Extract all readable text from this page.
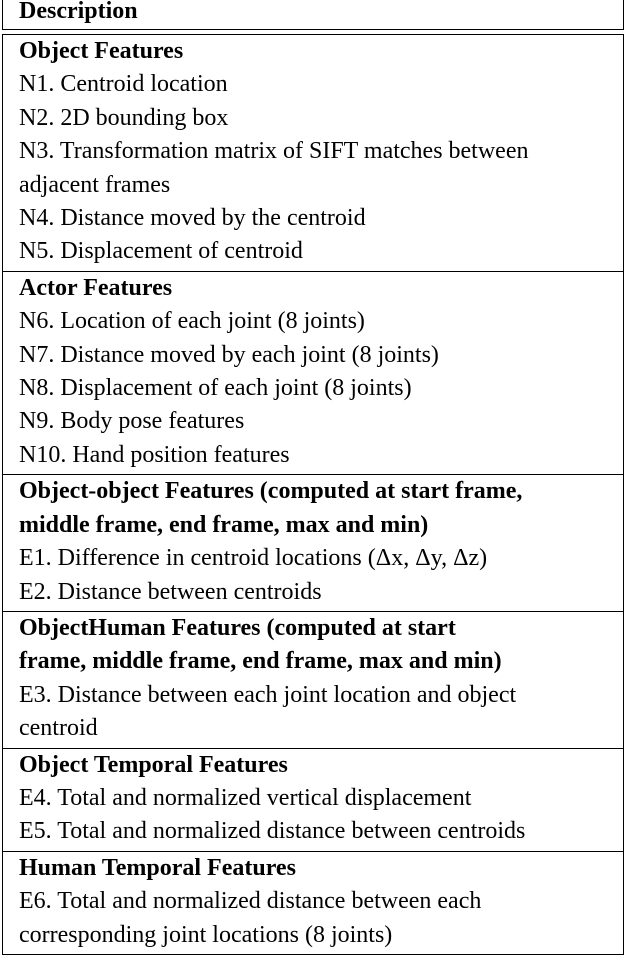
Description
Object Features
N1. Centroid location
N2. 2D bounding box
N3. Transformation matrix of SIFT matches between
adjacent frames
N4. Distance moved by the centroid
N5. Displacement of centroid
Actor Features
N6. Location of each joint (8 joints)
N7. Distance moved by each joint (8 joints)
N8. Displacement of each joint (8 joints)
N9. Body pose features
N10. Hand position features
Object-object Features (computed at start frame,
middle frame, end frame, max and min)
E1. Difference in centroid locations (Δx, Δy, Δz)
E2. Distance between centroids
ObjectHuman Features (computed at start
frame, middle frame, end frame, max and min)
E3. Distance between each joint location and object
centroid
Object Temporal Features
E4. Total and normalized vertical displacement
E5. Total and normalized distance between centroids
Human Temporal Features
E6. Total and normalized distance between each
corresponding joint locations (8 joints)
